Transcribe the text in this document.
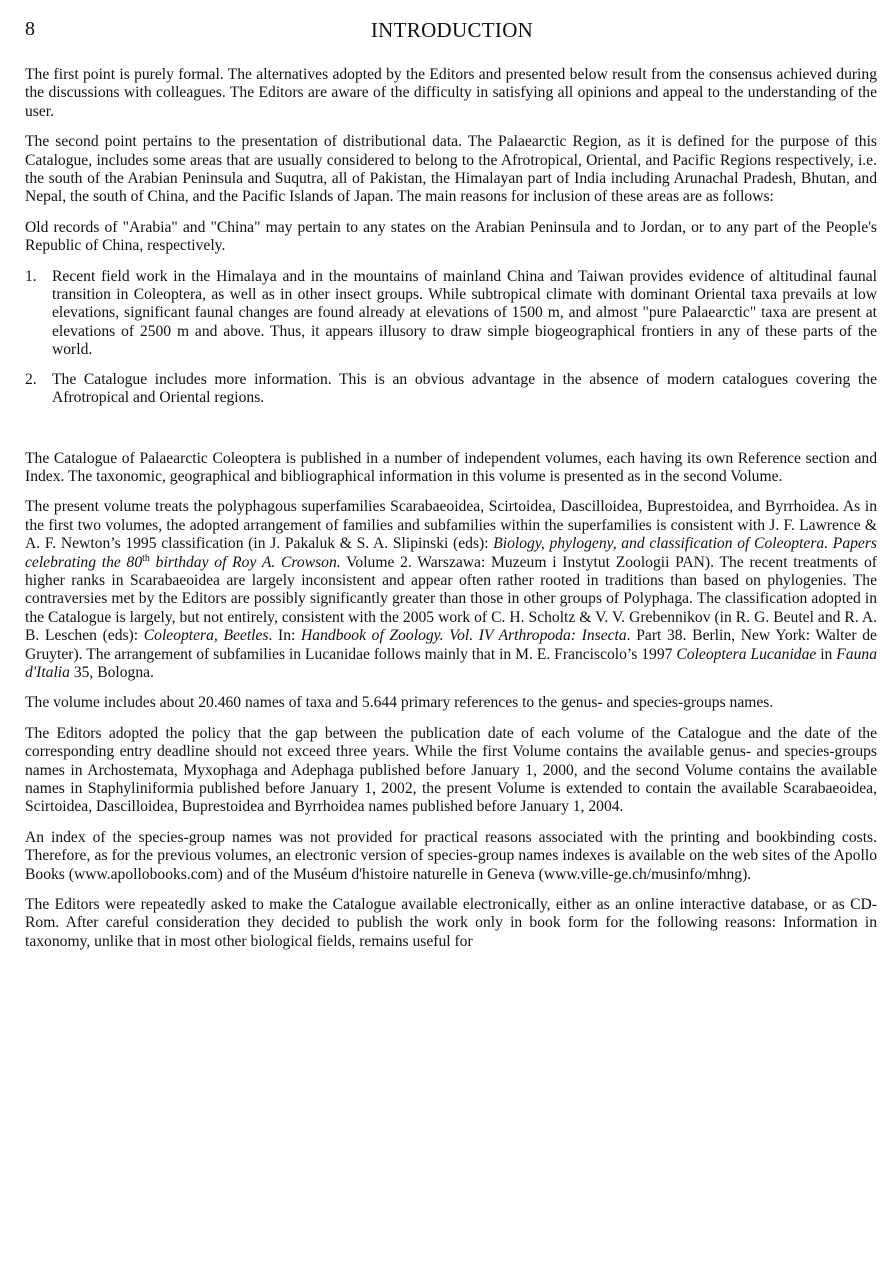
8	INTRODUCTION

The first point is purely formal. The alternatives adopted by the Editors and presented below result from the consensus achieved during the discussions with colleagues. The Editors are aware of the difficulty in satisfying all opinions and appeal to the understanding of the user.

The second point pertains to the presentation of distributional data. The Palaearctic Region, as it is defined for the purpose of this Catalogue, includes some areas that are usually considered to belong to the Afrotropical, Oriental, and Pacific Regions respectively, i.e. the south of the Arabian Peninsula and Suqutra, all of Pakistan, the Himalayan part of India including Arunachal Pradesh, Bhutan, and Nepal, the south of China, and the Pacific Islands of Japan. The main reasons for inclusion of these areas are as follows:

Old records of "Arabia" and "China" may pertain to any states on the Arabian Peninsula and to Jordan, or to any part of the People's Republic of China, respectively.

1. Recent field work in the Himalaya and in the mountains of mainland China and Taiwan provides evidence of altitudinal faunal transition in Coleoptera, as well as in other insect groups. While subtropical climate with dominant Oriental taxa prevails at low elevations, significant faunal changes are found already at elevations of 1500 m, and almost "pure Palaearctic" taxa are present at elevations of 2500 m and above. Thus, it appears illusory to draw simple biogeographical frontiers in any of these parts of the world.
2. The Catalogue includes more information. This is an obvious advantage in the absence of modern catalogues covering the Afrotropical and Oriental regions.

The Catalogue of Palaearctic Coleoptera is published in a number of independent volumes, each having its own Reference section and Index. The taxonomic, geographical and bibliographical information in this volume is presented as in the second Volume.

The present volume treats the polyphagous superfamilies Scarabaeoidea, Scirtoidea, Dascilloidea, Buprestoidea, and Byrrhoidea. As in the first two volumes, the adopted arrangement of families and subfamilies within the superfamilies is consistent with J. F. Lawrence & A. F. Newton’s 1995 classification (in J. Pakaluk & S. A. Slipinski (eds): Biology, phylogeny, and classification of Coleoptera. Papers celebrating the 80th birthday of Roy A. Crowson. Volume 2. Warszawa: Muzeum i Instytut Zoologii PAN). The recent treatments of higher ranks in Scarabaeoidea are largely inconsistent and appear often rather rooted in traditions than based on phylogenies. The contraversies met by the Editors are possibly significantly greater than those in other groups of Polyphaga. The classification adopted in the Catalogue is largely, but not entirely, consistent with the 2005 work of C. H. Scholtz & V. V. Grebennikov (in R. G. Beutel and R. A. B. Leschen (eds): Coleoptera, Beetles. In: Handbook of Zoology. Vol. IV Arthropoda: Insecta. Part 38. Berlin, New York: Walter de Gruyter). The arrangement of subfamilies in Lucanidae follows mainly that in M. E. Franciscolo’s 1997 Coleoptera Lucanidae in Fauna d'Italia 35, Bologna.

The volume includes about 20.460 names of taxa and 5.644 primary references to the genus- and species-groups names.

The Editors adopted the policy that the gap between the publication date of each volume of the Catalogue and the date of the corresponding entry deadline should not exceed three years. While the first Volume contains the available genus- and species-groups names in Archostemata, Myxophaga and Adephaga published before January 1, 2000, and the second Volume contains the available names in Staphyliniformia published before January 1, 2002, the present Volume is extended to contain the available Scarabaeoidea, Scirtoidea, Dascilloidea, Buprestoidea and Byrrhoidea names published before January 1, 2004.

An index of the species-group names was not provided for practical reasons associated with the printing and bookbinding costs. Therefore, as for the previous volumes, an electronic version of species-group names indexes is available on the web sites of the Apollo Books (www.apollobooks.com) and of the Muséum d'histoire naturelle in Geneva (www.ville-ge.ch/musinfo/mhng).

The Editors were repeatedly asked to make the Catalogue available electronically, either as an online interactive database, or as CD-Rom. After careful consideration they decided to publish the work only in book form for the following reasons: Information in taxonomy, unlike that in most other biological fields, remains useful for
